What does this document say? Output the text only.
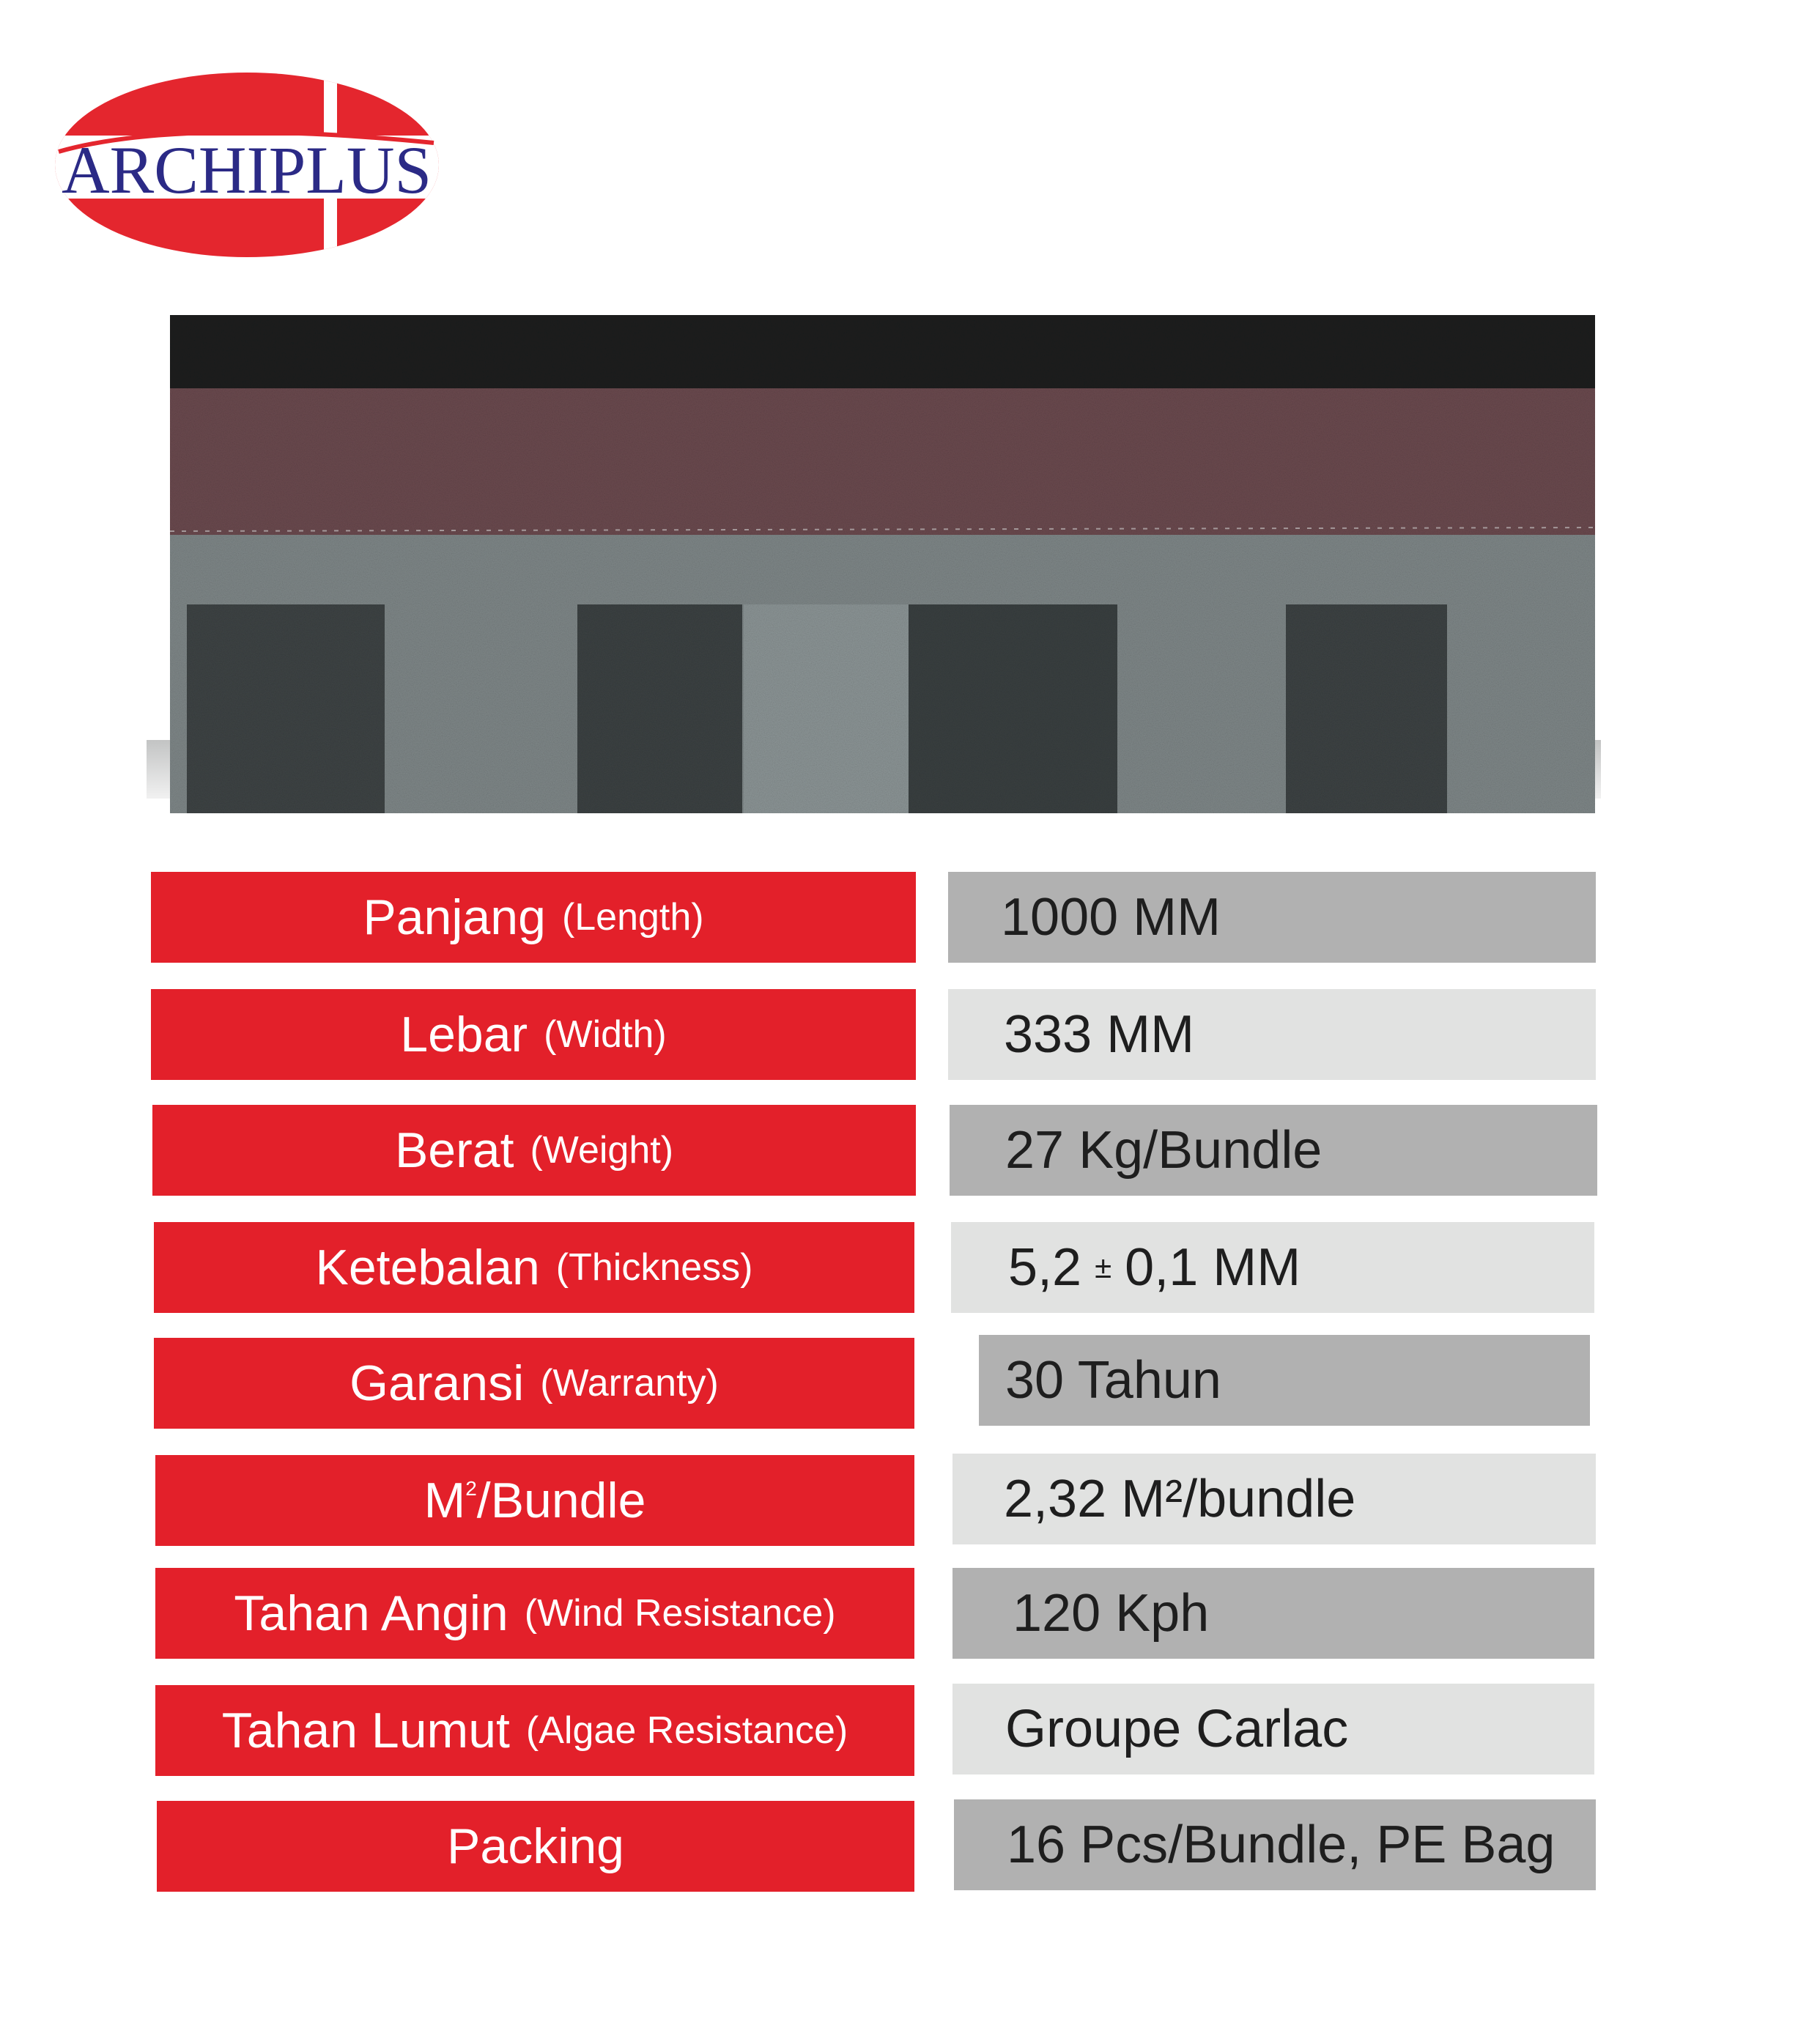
ARCHIPLUS
Panjang (Length)	1000 MM
Lebar (Width)	333 MM
Berat (Weight)	27 Kg/Bundle
Ketebalan (Thickness)	5,2 ± 0,1 MM
Garansi (Warranty)	30 Tahun
$M^2$/Bundle	2,32 M²/bundle
Tahan Angin (Wind Resistance)	120 Kph
Tahan Lumut (Algae Resistance)	Groupe Carlac
Packing	16 Pcs/Bundle, PE Bag
